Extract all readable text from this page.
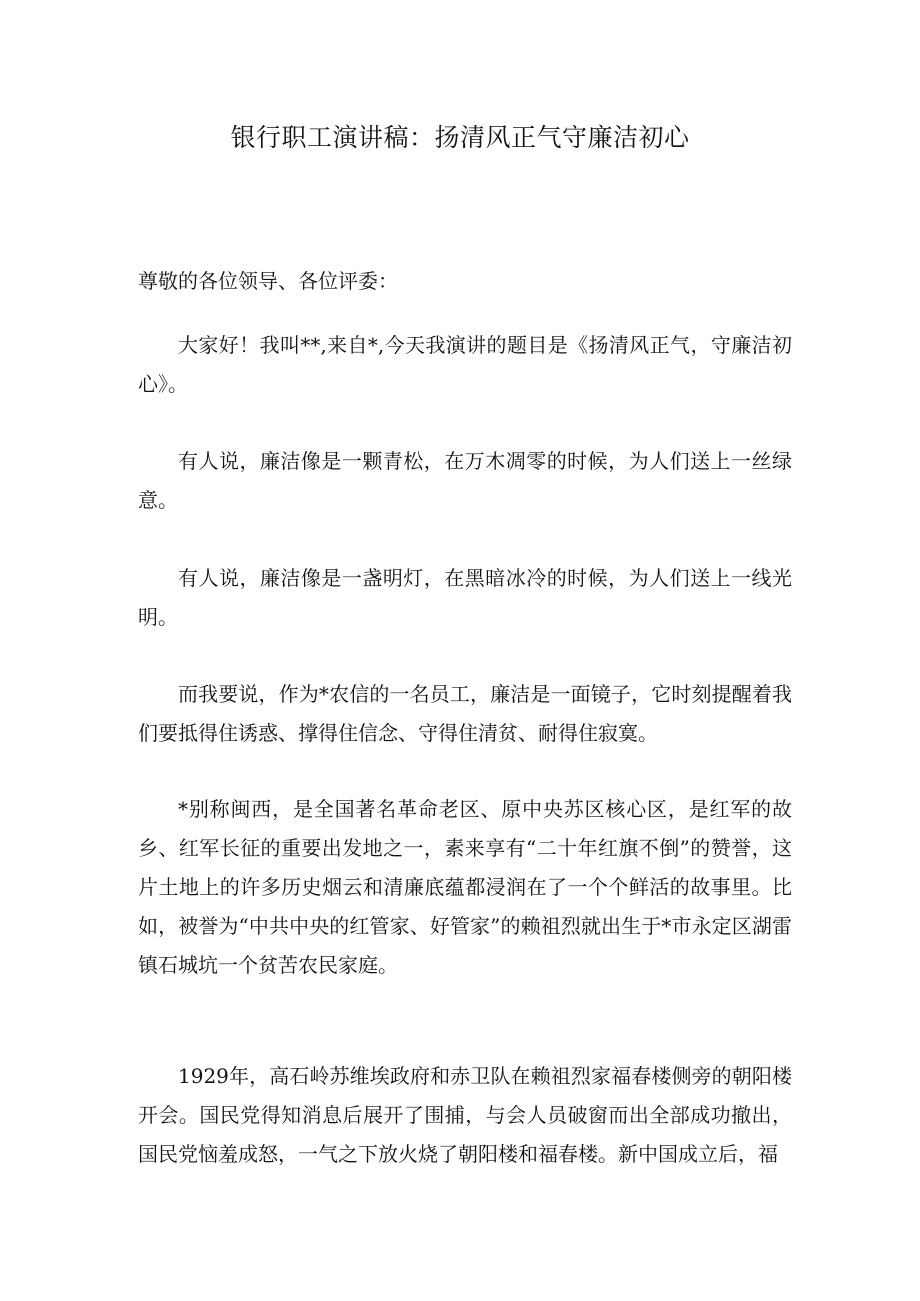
银行职工演讲稿：扬清风正气守廉洁初心

尊敬的各位领导、各位评委：

大家好！我叫**,来自*,今天我演讲的题目是《扬清风正气，守廉洁初心》。

有人说，廉洁像是一颗青松，在万木凋零的时候，为人们送上一丝绿意。

有人说，廉洁像是一盏明灯，在黑暗冰冷的时候，为人们送上一线光明。

而我要说，作为*农信的一名员工，廉洁是一面镜子，它时刻提醒着我们要抵得住诱惑、撑得住信念、守得住清贫、耐得住寂寞。

*别称闽西，是全国著名革命老区、原中央苏区核心区，是红军的故乡、红军长征的重要出发地之一，素来享有“二十年红旗不倒”的赞誉，这片土地上的许多历史烟云和清廉底蕴都浸润在了一个个鲜活的故事里。比如，被誉为“中共中央的红管家、好管家”的赖祖烈就出生于*市永定区湖雷镇石城坑一个贫苦农民家庭。

1929年，高石岭苏维埃政府和赤卫队在赖祖烈家福春楼侧旁的朝阳楼开会。国民党得知消息后展开了围捕，与会人员破窗而出全部成功撤出，国民党恼羞成怒，一气之下放火烧了朝阳楼和福春楼。新中国成立后，福
